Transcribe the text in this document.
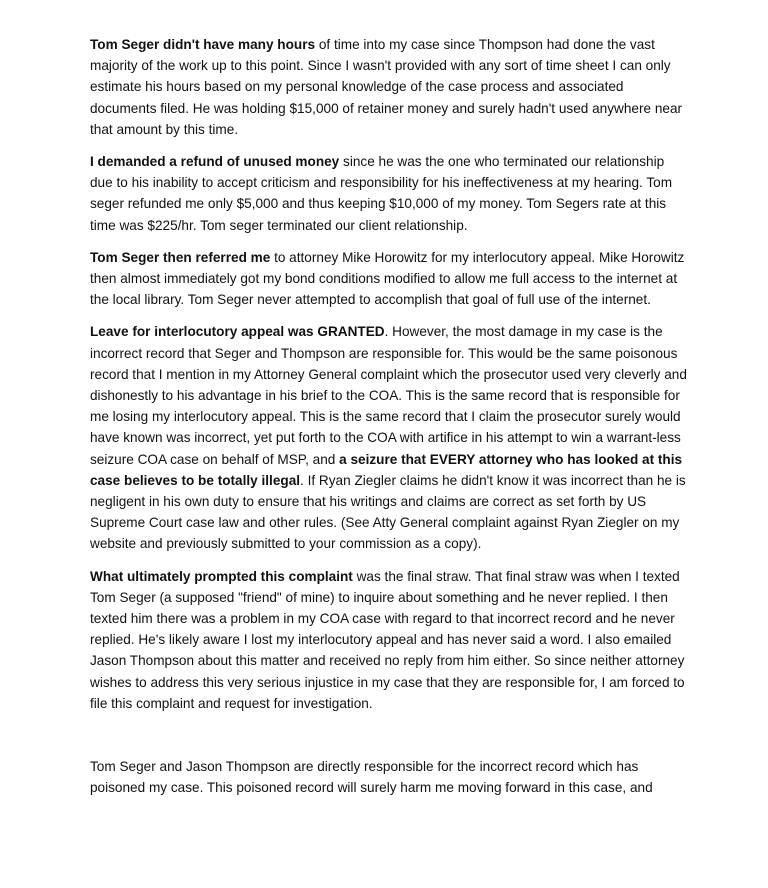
Tom Seger didn't have many hours of time into my case since Thompson had done the vast majority of the work up to this point. Since I wasn't provided with any sort of time sheet I can only estimate his hours based on my personal knowledge of the case process and associated documents filed. He was holding $15,000 of retainer money and surely hadn't used anywhere near that amount by this time.

I demanded a refund of unused money since he was the one who terminated our relationship due to his inability to accept criticism and responsibility for his ineffectiveness at my hearing. Tom seger refunded me only $5,000 and thus keeping $10,000 of my money. Tom Segers rate at this time was $225/hr. Tom seger terminated our client relationship.

Tom Seger then referred me to attorney Mike Horowitz for my interlocutory appeal. Mike Horowitz then almost immediately got my bond conditions modified to allow me full access to the internet at the local library. Tom Seger never attempted to accomplish that goal of full use of the internet.

Leave for interlocutory appeal was GRANTED. However, the most damage in my case is the incorrect record that Seger and Thompson are responsible for. This would be the same poisonous record that I mention in my Attorney General complaint which the prosecutor used very cleverly and dishonestly to his advantage in his brief to the COA. This is the same record that is responsible for me losing my interlocutory appeal. This is the same record that I claim the prosecutor surely would have known was incorrect, yet put forth to the COA with artifice in his attempt to win a warrant-less seizure COA case on behalf of MSP, and a seizure that EVERY attorney who has looked at this case believes to be totally illegal. If Ryan Ziegler claims he didn't know it was incorrect than he is negligent in his own duty to ensure that his writings and claims are correct as set forth by US Supreme Court case law and other rules. (See Atty General complaint against Ryan Ziegler on my website and previously submitted to your commission as a copy).

What ultimately prompted this complaint was the final straw. That final straw was when I texted Tom Seger (a supposed "friend" of mine) to inquire about something and he never replied. I then texted him there was a problem in my COA case with regard to that incorrect record and he never replied. He's likely aware I lost my interlocutory appeal and has never said a word. I also emailed Jason Thompson about this matter and received no reply from him either. So since neither attorney wishes to address this very serious injustice in my case that they are responsible for, I am forced to file this complaint and request for investigation.

Tom Seger and Jason Thompson are directly responsible for the incorrect record which has poisoned my case. This poisoned record will surely harm me moving forward in this case, and
